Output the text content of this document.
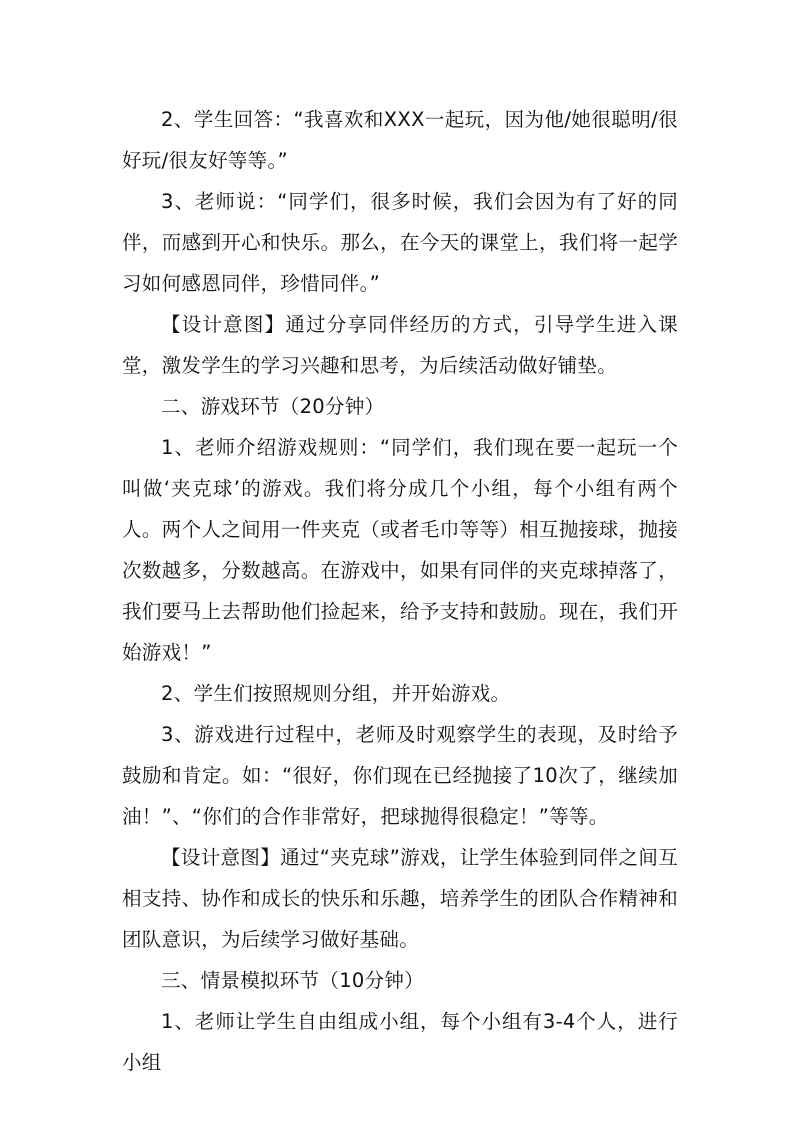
2、学生回答：“我喜欢和XXX一起玩，因为他/她很聪明/很好玩/很友好等等。”

3、老师说：“同学们，很多时候，我们会因为有了好的同伴，而感到开心和快乐。那么，在今天的课堂上，我们将一起学习如何感恩同伴，珍惜同伴。”

【设计意图】通过分享同伴经历的方式，引导学生进入课堂，激发学生的学习兴趣和思考，为后续活动做好铺垫。

二、游戏环节（20分钟）

1、老师介绍游戏规则：“同学们，我们现在要一起玩一个叫做‘夹克球’的游戏。我们将分成几个小组，每个小组有两个人。两个人之间用一件夹克（或者毛巾等等）相互抛接球，抛接次数越多，分数越高。在游戏中，如果有同伴的夹克球掉落了，我们要马上去帮助他们捡起来，给予支持和鼓励。现在，我们开始游戏！”

2、学生们按照规则分组，并开始游戏。

3、游戏进行过程中，老师及时观察学生的表现，及时给予鼓励和肯定。如：“很好，你们现在已经抛接了10次了，继续加油！”、“你们的合作非常好，把球抛得很稳定！”等等。

【设计意图】通过“夹克球”游戏，让学生体验到同伴之间互相支持、协作和成长的快乐和乐趣，培养学生的团队合作精神和团队意识，为后续学习做好基础。

三、情景模拟环节（10分钟）

1、老师让学生自由组成小组，每个小组有3-4个人，进行小组
